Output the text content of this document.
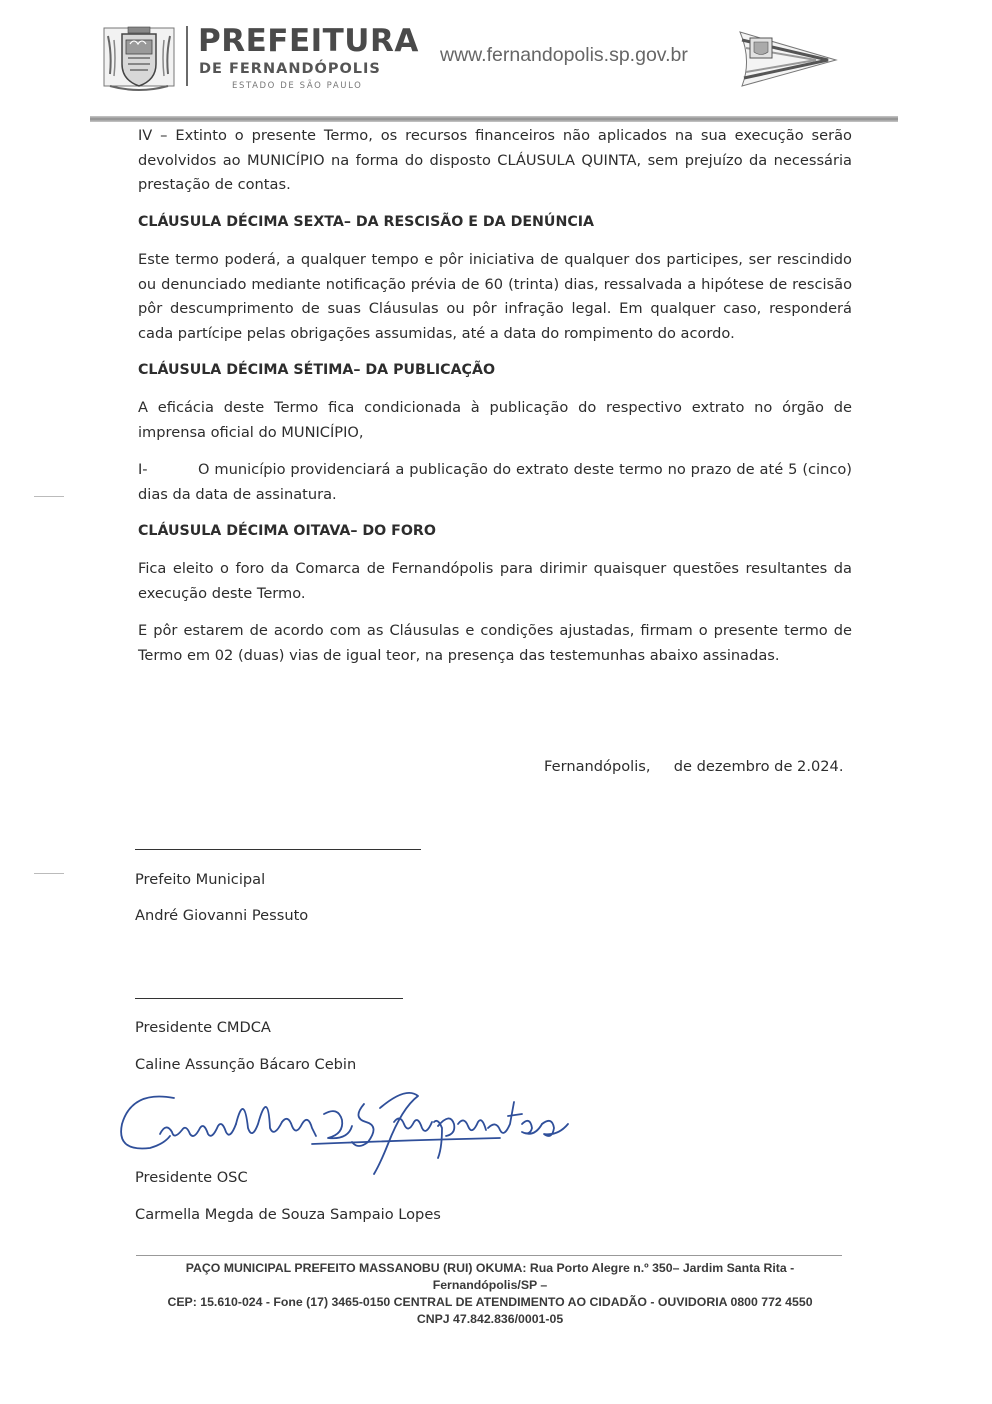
PREFEITURA
DE FERNANDÓPOLIS
ESTADO DE SÃO PAULO
www.fernandopolis.sp.gov.br

IV – Extinto o presente Termo, os recursos financeiros não aplicados na sua execução serão devolvidos ao MUNICÍPIO na forma do disposto CLÁUSULA QUINTA, sem prejuízo da necessária prestação de contas.

CLÁUSULA DÉCIMA SEXTA– DA RESCISÃO E DA DENÚNCIA

Este termo poderá, a qualquer tempo e pôr iniciativa de qualquer dos participes, ser rescindido ou denunciado mediante notificação prévia de 60 (trinta) dias, ressalvada a hipótese de rescisão pôr descumprimento de suas Cláusulas ou pôr infração legal. Em qualquer caso, responderá cada partícipe pelas obrigações assumidas, até a data do rompimento do acordo.

CLÁUSULA DÉCIMA SÉTIMA– DA PUBLICAÇÃO

A eficácia deste Termo fica condicionada à publicação do respectivo extrato no órgão de imprensa oficial do MUNICÍPIO,

I-	O município providenciará a publicação do extrato deste termo no prazo de até 5 (cinco) dias da data de assinatura.

CLÁUSULA DÉCIMA OITAVA– DO FORO

Fica eleito o foro da Comarca de Fernandópolis para dirimir quaisquer questões resultantes da execução deste Termo.

E pôr estarem de acordo com as Cláusulas e condições ajustadas, firmam o presente termo de Termo em 02 (duas) vias de igual teor, na presença das testemunhas abaixo assinadas.

Fernandópolis,     de dezembro de 2.024.

Prefeito Municipal

André Giovanni Pessuto

Presidente CMDCA

Caline Assunção Bácaro Cebin

Presidente OSC

Carmella Megda de Souza Sampaio Lopes

PAÇO MUNICIPAL PREFEITO MASSANOBU (RUI) OKUMA: Rua Porto Alegre n.º 350– Jardim Santa Rita -
Fernandópolis/SP –
CEP: 15.610-024 - Fone (17) 3465-0150 CENTRAL DE ATENDIMENTO AO CIDADÃO - OUVIDORIA 0800 772 4550
CNPJ 47.842.836/0001-05
